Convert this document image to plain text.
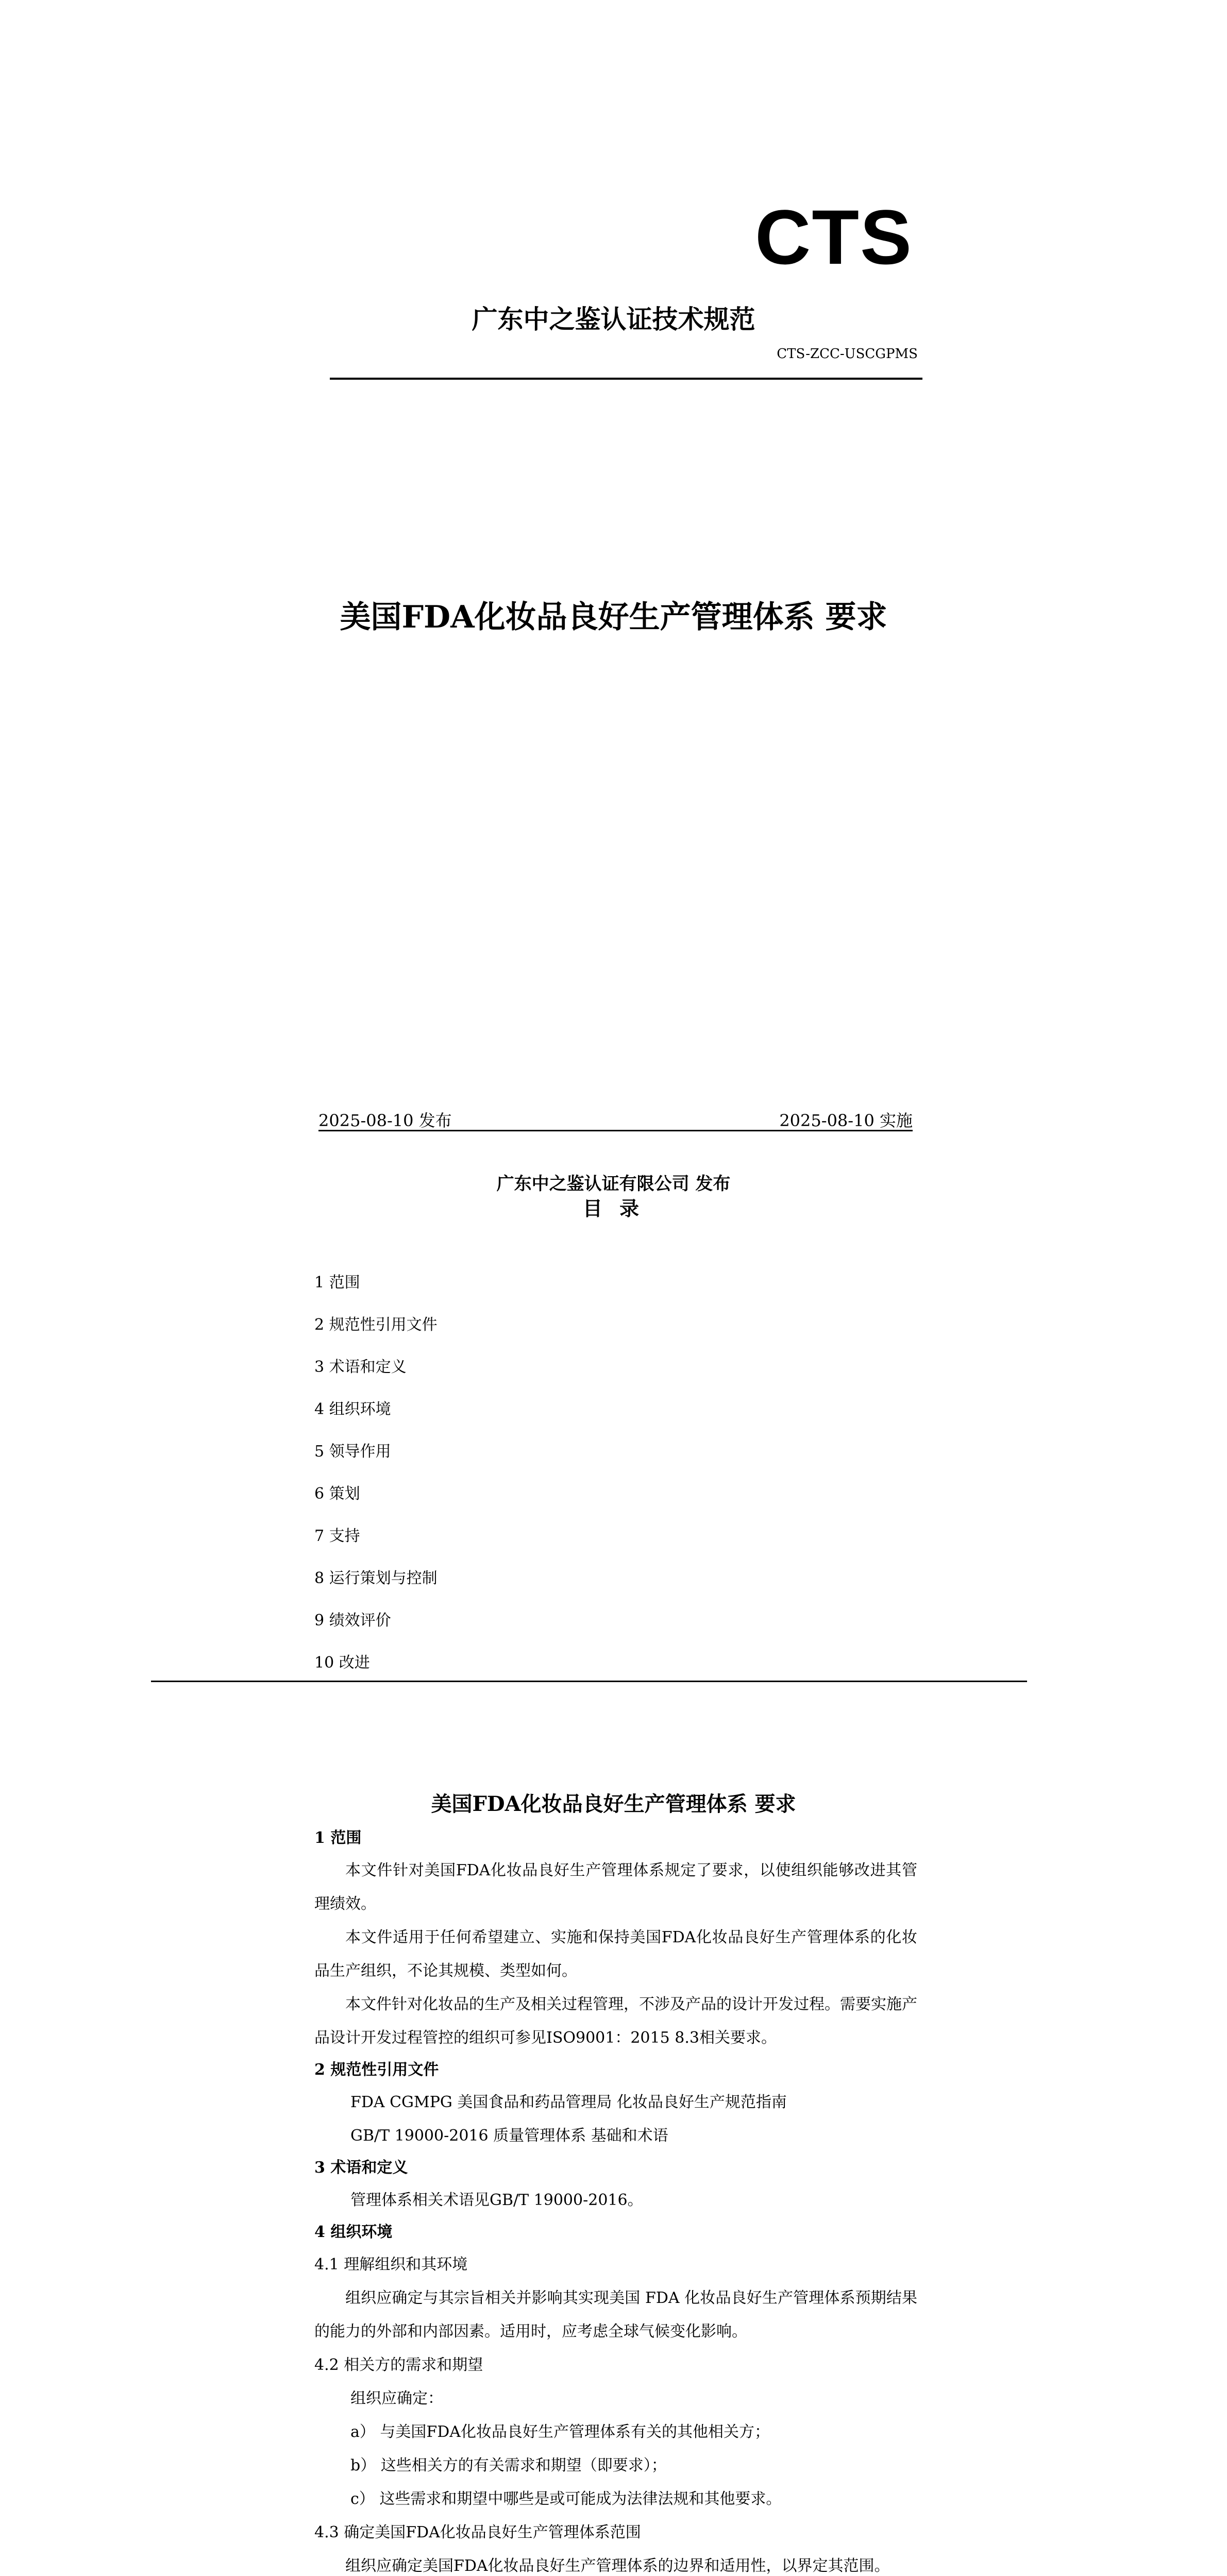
CTS
广东中之鉴认证技术规范
CTS-ZCC-USCGPMS
美国FDA化妆品良好生产管理体系 要求
2025-08-10 发布	2025-08-10 实施
广东中之鉴认证有限公司 发布
目 录
1 范围
2 规范性引用文件
3 术语和定义
4 组织环境
5 领导作用
6 策划
7 支持
8 运行策划与控制
9 绩效评价
10 改进
美国FDA化妆品良好生产管理体系 要求
1 范围
本文件针对美国FDA化妆品良好生产管理体系规定了要求，以使组织能够改进其管理绩效。
本文件适用于任何希望建立、实施和保持美国FDA化妆品良好生产管理体系的化妆品生产组织，不论其规模、类型如何。
本文件针对化妆品的生产及相关过程管理，不涉及产品的设计开发过程。需要实施产品设计开发过程管控的组织可参见ISO9001：2015 8.3相关要求。
2 规范性引用文件
FDA CGMPG 美国食品和药品管理局 化妆品良好生产规范指南
GB/T 19000-2016 质量管理体系 基础和术语
3 术语和定义
管理体系相关术语见GB/T 19000-2016。
4 组织环境
4.1 理解组织和其环境
组织应确定与其宗旨相关并影响其实现美国 FDA 化妆品良好生产管理体系预期结果的能力的外部和内部因素。适用时，应考虑全球气候变化影响。
4.2 相关方的需求和期望
组织应确定：
a） 与美国FDA化妆品良好生产管理体系有关的其他相关方；
b） 这些相关方的有关需求和期望（即要求）；
c） 这些需求和期望中哪些是或可能成为法律法规和其他要求。
4.3 确定美国FDA化妆品良好生产管理体系范围
组织应确定美国FDA化妆品良好生产管理体系的边界和适用性，以界定其范围。
